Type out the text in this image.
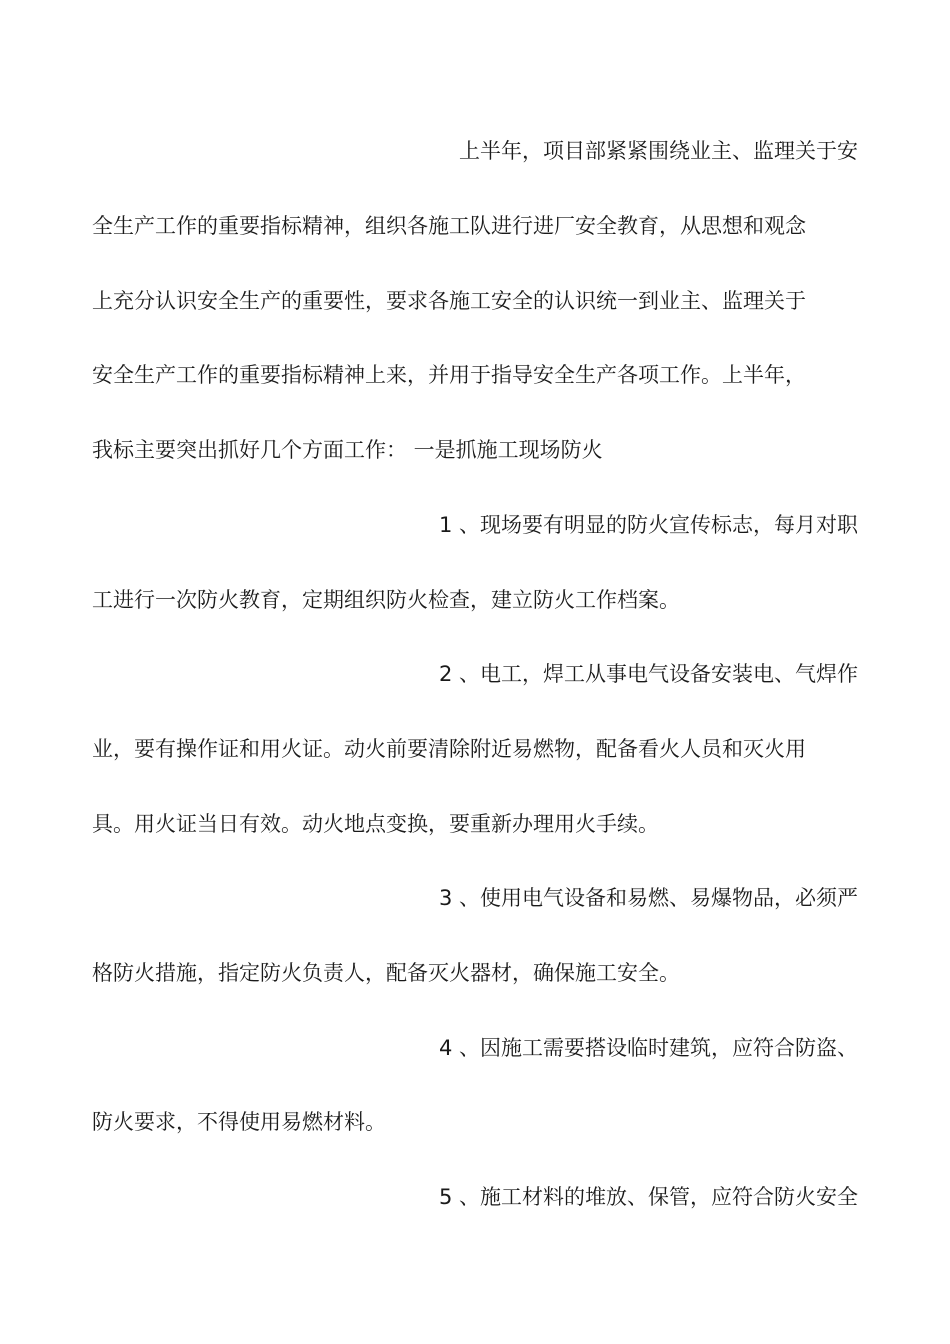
上半年，项目部紧紧围绕业主、监理关于安
全生产工作的重要指标精神，组织各施工队进行进厂安全教育，从思想和观念
上充分认识安全生产的重要性，要求各施工安全的认识统一到业主、监理关于
安全生产工作的重要指标精神上来，并用于指导安全生产各项工作。上半年，
我标主要突出抓好几个方面工作： 一是抓施工现场防火
1 、现场要有明显的防火宣传标志，每月对职
工进行一次防火教育，定期组织防火检查，建立防火工作档案。
2 、电工，焊工从事电气设备安装电、气焊作
业，要有操作证和用火证。动火前要清除附近易燃物，配备看火人员和灭火用
具。用火证当日有效。动火地点变换，要重新办理用火手续。
3 、使用电气设备和易燃、易爆物品，必须严
格防火措施，指定防火负责人，配备灭火器材，确保施工安全。
4 、因施工需要搭设临时建筑，应符合防盗、
防火要求，不得使用易燃材料。
5 、施工材料的堆放、保管，应符合防火安全
